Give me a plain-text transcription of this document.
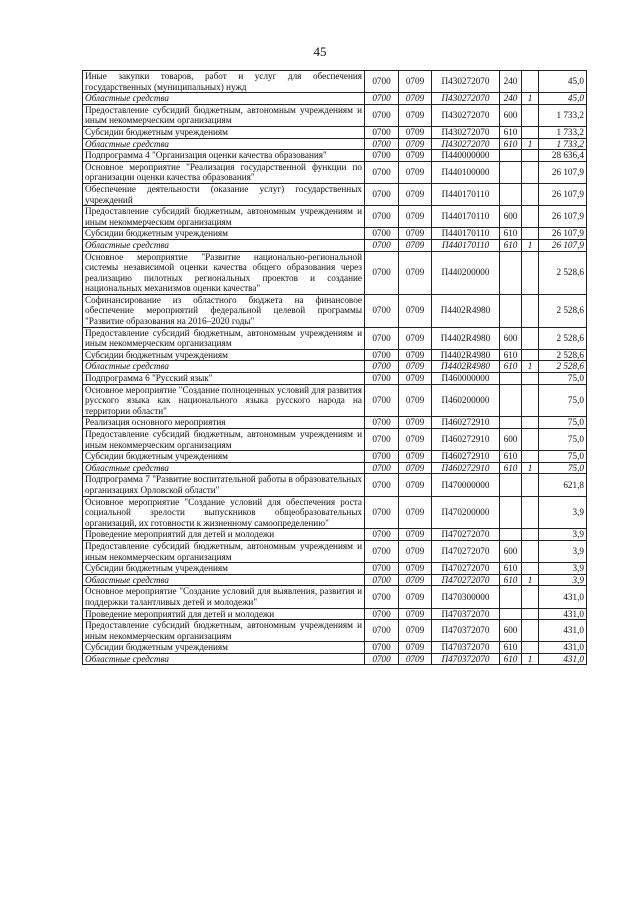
45
Иные закупки товаров, работ и услуг для обеспечения государственных (муниципальных) нужд	0700	0709	П430272070	240		45,0
Областные средства	0700	0709	П430272070	240	1	45,0
Предоставление субсидий бюджетным, автономным учреждениям и иным некоммерческим организациям	0700	0709	П430272070	600		1 733,2
Субсидии бюджетным учреждениям	0700	0709	П430272070	610		1 733,2
Областные средства	0700	0709	П430272070	610	1	1 733,2
Подпрограмма 4 "Организация оценки качества образования"	0700	0709	П440000000			28 636,4
Основное мероприятие "Реализация государственной функции по организации оценки качества образования"	0700	0709	П440100000			26 107,9
Обеспечение деятельности (оказание услуг) государственных учреждений	0700	0709	П440170110			26 107,9
Предоставление субсидий бюджетным, автономным учреждениям и иным некоммерческим организациям	0700	0709	П440170110	600		26 107,9
Субсидии бюджетным учреждениям	0700	0709	П440170110	610		26 107,9
Областные средства	0700	0709	П440170110	610	1	26 107,9
Основное мероприятие "Развитие национально-региональной системы независимой оценки качества общего образования через реализацию пилотных региональных проектов и создание национальных механизмов оценки качества"	0700	0709	П440200000			2 528,6
Софинансирование из областного бюджета на финансовое обеспечение мероприятий федеральной целевой программы "Развитие образования на 2016–2020 годы"	0700	0709	П4402R4980			2 528,6
Предоставление субсидий бюджетным, автономным учреждениям и иным некоммерческим организациям	0700	0709	П4402R4980	600		2 528,6
Субсидии бюджетным учреждениям	0700	0709	П4402R4980	610		2 528,6
Областные средства	0700	0709	П4402R4980	610	1	2 528,6
Подпрограмма 6 "Русский язык"	0700	0709	П460000000			75,0
Основное мероприятие "Создание полноценных условий для развития русского языка как национального языка русского народа на территории области"	0700	0709	П460200000			75,0
Реализация основного мероприятия	0700	0709	П460272910			75,0
Предоставление субсидий бюджетным, автономным учреждениям и иным некоммерческим организациям	0700	0709	П460272910	600		75,0
Субсидии бюджетным учреждениям	0700	0709	П460272910	610		75,0
Областные средства	0700	0709	П460272910	610	1	75,0
Подпрограмма 7 "Развитие воспитательной работы в образовательных организациях Орловской области"	0700	0709	П470000000			621,8
Основное мероприятие "Создание условий для обеспечения роста социальной зрелости выпускников общеобразовательных организаций, их готовности к жизненному самоопределению"	0700	0709	П470200000			3,9
Проведение мероприятий для детей и молодежи	0700	0709	П470272070			3,9
Предоставление субсидий бюджетным, автономным учреждениям и иным некоммерческим организациям	0700	0709	П470272070	600		3,9
Субсидии бюджетным учреждениям	0700	0709	П470272070	610		3,9
Областные средства	0700	0709	П470272070	610	1	3,9
Основное мероприятие "Создание условий для выявления, развития и поддержки талантливых детей и молодежи"	0700	0709	П470300000			431,0
Проведение мероприятий для детей и молодежи	0700	0709	П470372070			431,0
Предоставление субсидий бюджетным, автономным учреждениям и иным некоммерческим организациям	0700	0709	П470372070	600		431,0
Субсидии бюджетным учреждениям	0700	0709	П470372070	610		431,0
Областные средства	0700	0709	П470372070	610	1	431,0
